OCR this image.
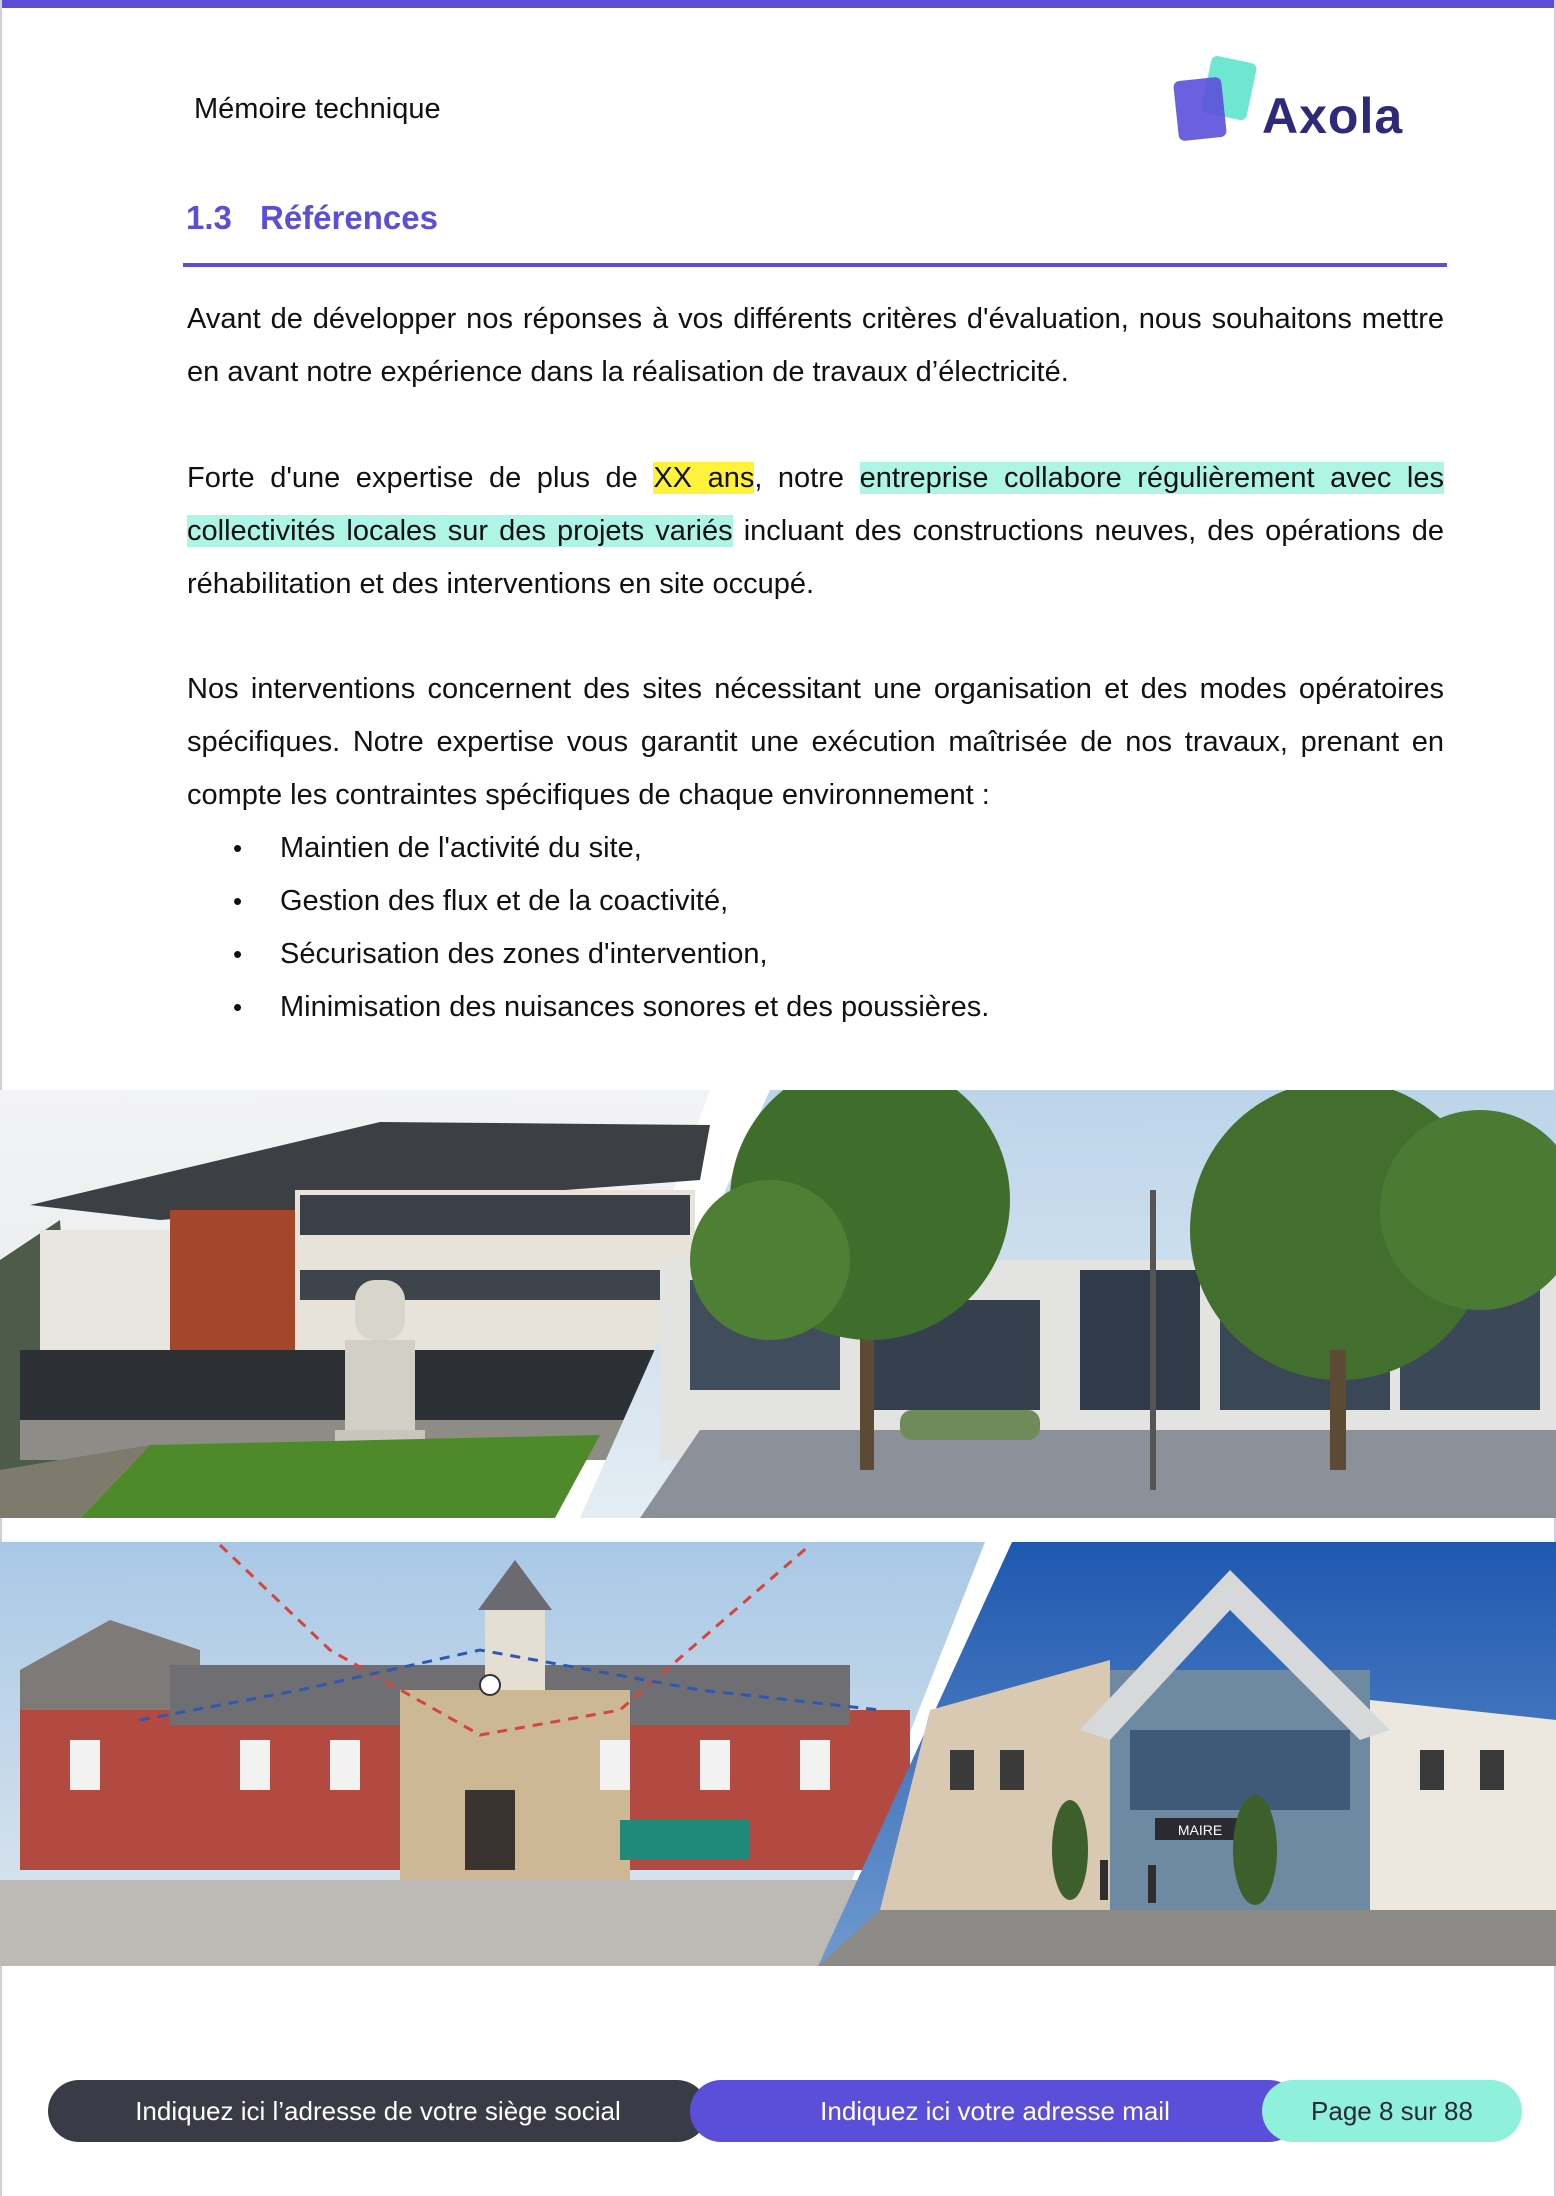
Mémoire technique	Axola
1.3 Références
Avant de développer nos réponses à vos différents critères d'évaluation, nous souhaitons mettre en avant notre expérience dans la réalisation de travaux d’électricité.
Forte d'une expertise de plus de XX ans, notre entreprise collabore régulièrement avec les collectivités locales sur des projets variés incluant des constructions neuves, des opérations de réhabilitation et des interventions en site occupé.
Nos interventions concernent des sites nécessitant une organisation et des modes opératoires spécifiques. Notre expertise vous garantit une exécution maîtrisée de nos travaux, prenant en compte les contraintes spécifiques de chaque environnement :
• Maintien de l'activité du site,
• Gestion des flux et de la coactivité,
• Sécurisation des zones d'intervention,
• Minimisation des nuisances sonores et des poussières.
MAIRE
Indiquez ici l’adresse de votre siège social	Indiquez ici votre adresse mail	Page 8 sur 88
